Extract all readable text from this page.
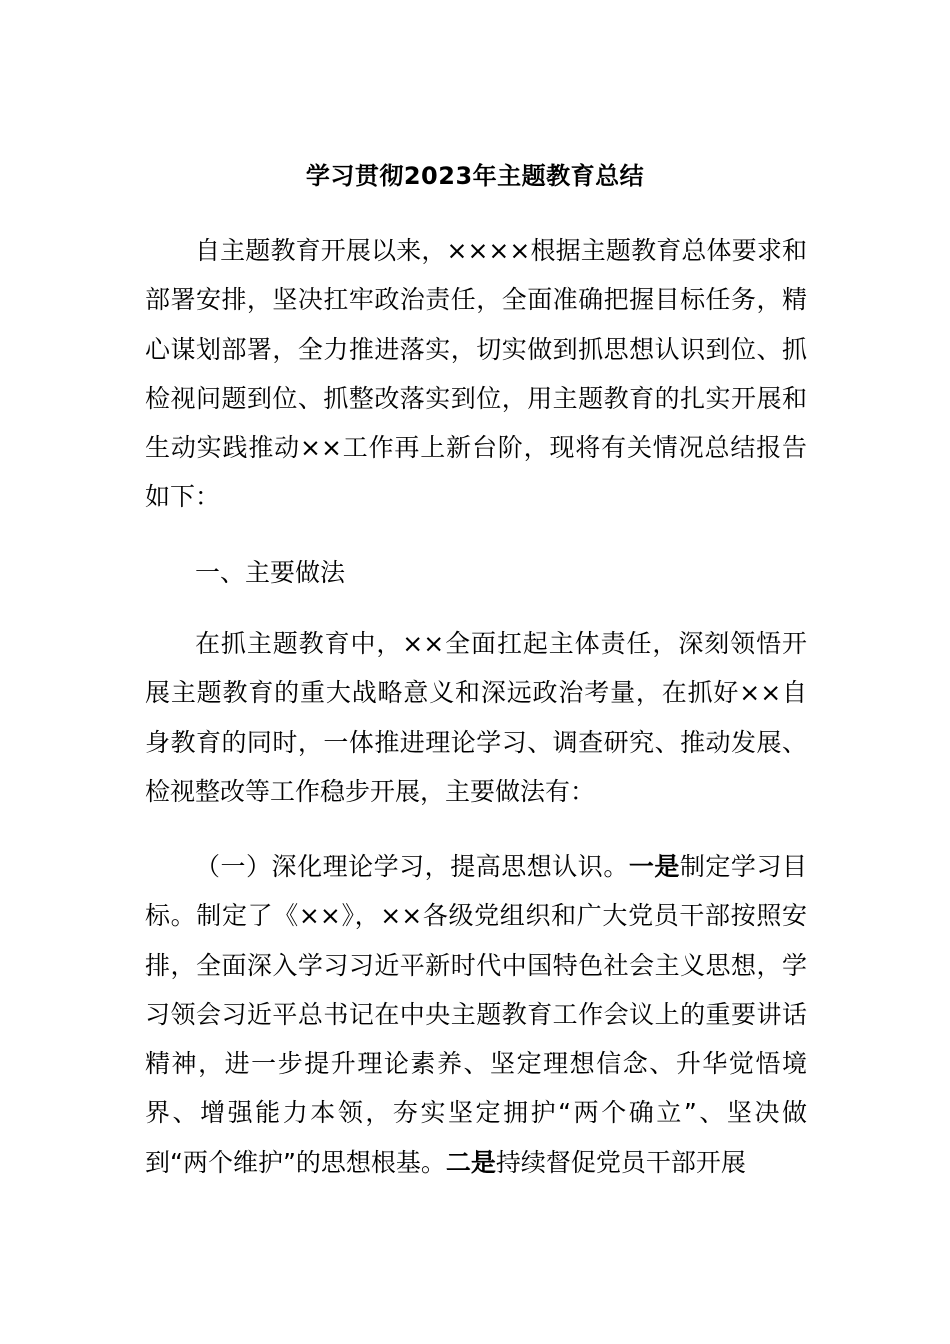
学习贯彻2023年主题教育总结
自主题教育开展以来，××××根据主题教育总体要求和部署安排，坚决扛牢政治责任，全面准确把握目标任务，精心谋划部署，全力推进落实，切实做到抓思想认识到位、抓检视问题到位、抓整改落实到位，用主题教育的扎实开展和生动实践推动××工作再上新台阶，现将有关情况总结报告如下：
一、主要做法
在抓主题教育中，××全面扛起主体责任，深刻领悟开展主题教育的重大战略意义和深远政治考量，在抓好××自身教育的同时，一体推进理论学习、调查研究、推动发展、检视整改等工作稳步开展，主要做法有：
（一）深化理论学习，提高思想认识。一是制定学习目标。制定了《××》，××各级党组织和广大党员干部按照安排，全面深入学习习近平新时代中国特色社会主义思想，学习领会习近平总书记在中央主题教育工作会议上的重要讲话精神，进一步提升理论素养、坚定理想信念、升华觉悟境界、增强能力本领，夯实坚定拥护“两个确立”、坚决做到“两个维护”的思想根基。二是持续督促党员干部开展
